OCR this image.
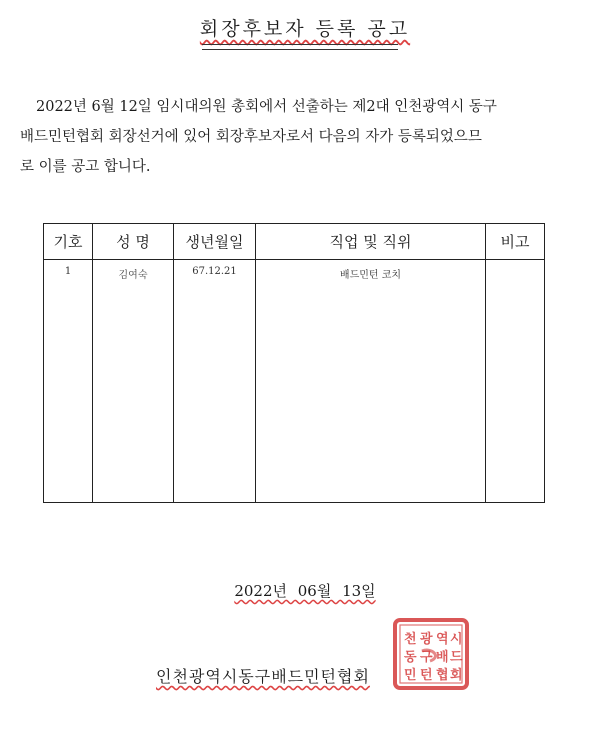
회장후보자 등록 공고
2022년 6월 12일 임시대의원 총회에서 선출하는 제2대 인천광역시 동구
배드민턴협회 회장선거에 있어 회장후보자로서 다음의 자가 등록되었으므
로 이를 공고 합니다.
기호	성 명	생년월일	직업 및 직위	비고
1	김여숙	67.12.21	배드민턴 코치	
2022년 06월 13일
인천광역시동구배드민턴협회
천 광 역 시
동 구 배 드
민 턴 협 회
